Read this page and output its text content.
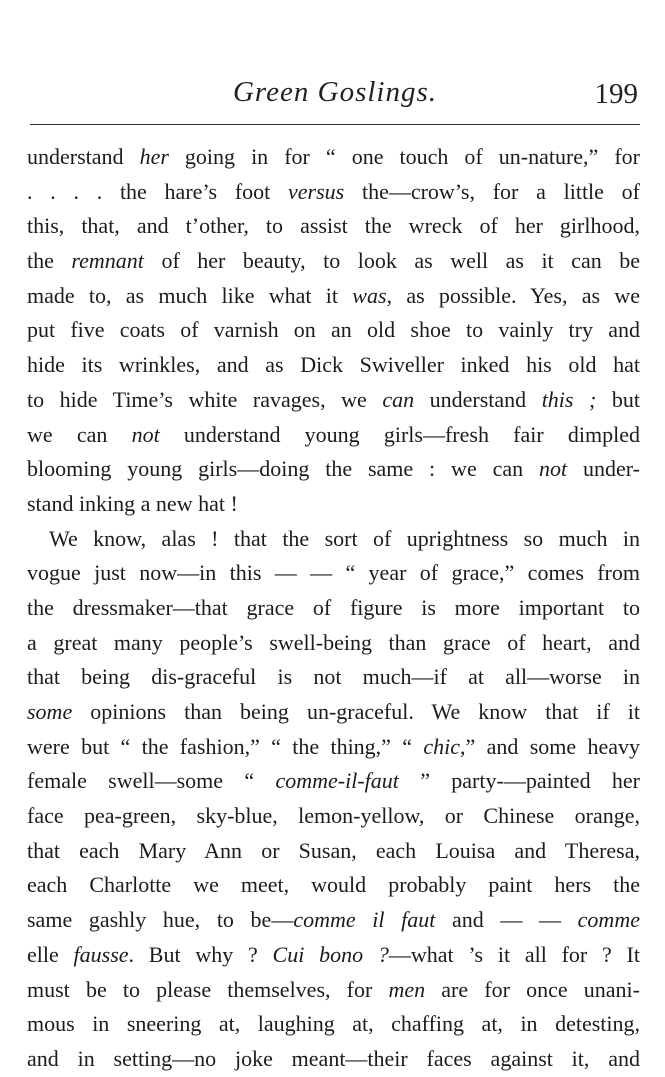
Green Goslings.	199
understand her going in for “ one touch of un-nature,” for
. . . . the hare’s foot versus the—crow’s, for a little of
this, that, and t’other, to assist the wreck of her girlhood,
the remnant of her beauty, to look as well as it can be
made to, as much like what it was, as possible. Yes, as we
put five coats of varnish on an old shoe to vainly try and
hide its wrinkles, and as Dick Swiveller inked his old hat
to hide Time’s white ravages, we can understand this ; but
we can not understand young girls—fresh fair dimpled
blooming young girls—doing the same : we can not under-
stand inking a new hat !
We know, alas ! that the sort of uprightness so much in
vogue just now—in this — — “ year of grace,” comes from
the dressmaker—that grace of figure is more important to
a great many people’s swell-being than grace of heart, and
that being dis-graceful is not much—if at all—worse in
some opinions than being un-graceful. We know that if it
were but “ the fashion,” “ the thing,” “ chic,” and some heavy
female swell—some “ comme-il-faut ” party-—painted her
face pea-green, sky-blue, lemon-yellow, or Chinese orange,
that each Mary Ann or Susan, each Louisa and Theresa,
each Charlotte we meet, would probably paint hers the
same gashly hue, to be—comme il faut and — — comme
elle fausse. But why ? Cui bono ?—what ’s it all for ? It
must be to please themselves, for men are for once unani-
mous in sneering at, laughing at, chaffing at, in detesting,
and in setting—no joke meant—their faces against it, and
